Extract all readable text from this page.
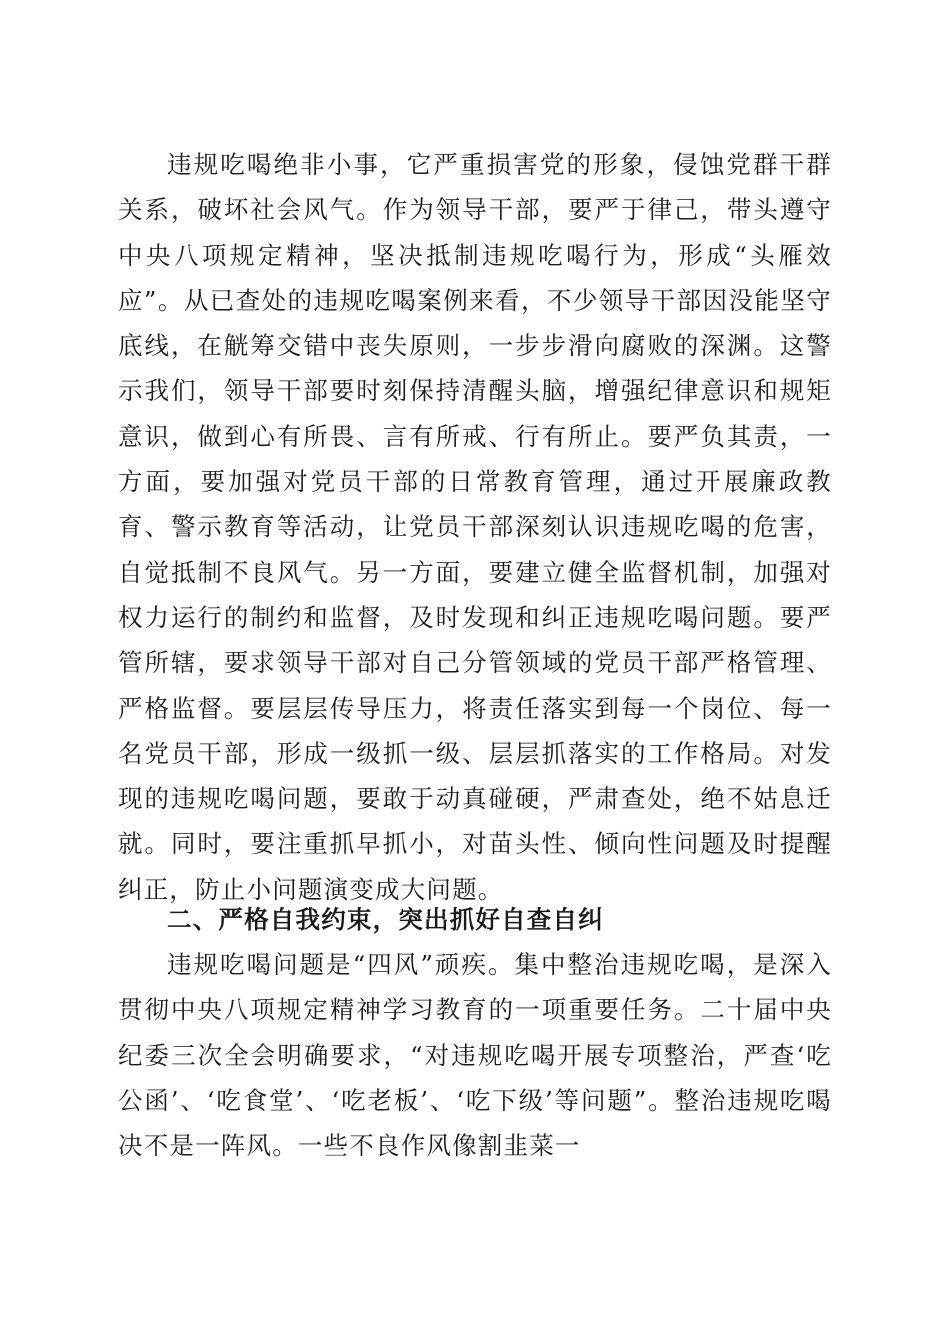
违规吃喝绝非小事，它严重损害党的形象，侵蚀党群干群关系，破坏社会风气。作为领导干部，要严于律己，带头遵守中央八项规定精神，坚决抵制违规吃喝行为，形成“头雁效应”。从已查处的违规吃喝案例来看，不少领导干部因没能坚守底线，在觥筹交错中丧失原则，一步步滑向腐败的深渊。这警示我们，领导干部要时刻保持清醒头脑，增强纪律意识和规矩意识，做到心有所畏、言有所戒、行有所止。要严负其责，一方面，要加强对党员干部的日常教育管理，通过开展廉政教育、警示教育等活动，让党员干部深刻认识违规吃喝的危害，自觉抵制不良风气。另一方面，要建立健全监督机制，加强对权力运行的制约和监督，及时发现和纠正违规吃喝问题。要严管所辖，要求领导干部对自己分管领域的党员干部严格管理、严格监督。要层层传导压力，将责任落实到每一个岗位、每一名党员干部，形成一级抓一级、层层抓落实的工作格局。对发现的违规吃喝问题，要敢于动真碰硬，严肃查处，绝不姑息迁就。同时，要注重抓早抓小，对苗头性、倾向性问题及时提醒纠正，防止小问题演变成大问题。

二、严格自我约束，突出抓好自查自纠

违规吃喝问题是“四风”顽疾。集中整治违规吃喝，是深入贯彻中央八项规定精神学习教育的一项重要任务。二十届中央纪委三次全会明确要求，“对违规吃喝开展专项整治，严查‘吃公函’、‘吃食堂’、‘吃老板’、‘吃下级’等问题”。整治违规吃喝决不是一阵风。一些不良作风像割韭菜一
